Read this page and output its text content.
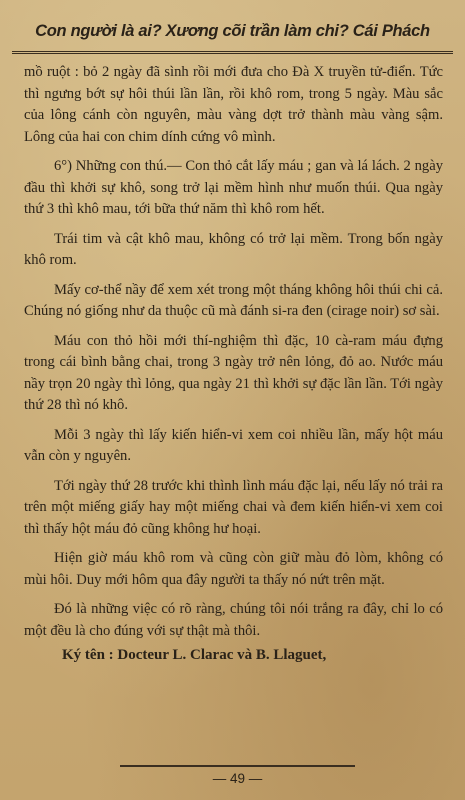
Con người là ai? Xương cõi trần làm chi? Cái Phách

mồ ruột : bỏ 2 ngày đã sình rồi mới đưa cho Đà X truyền tử-điển. Tức thì ngưng bớt sự hôi thúi lần lần, rồi khô rom, trong 5 ngày. Màu sắc của lông cánh còn nguyên, màu vàng dợt trở thành màu vàng sậm. Lông của hai con chim dính cứng vô mình.

6°) Những con thú.— Con thỏ cắt lấy máu ; gan và lá lách. 2 ngày đầu thì khởi sự khô, song trở lại mềm hình như muốn thúi. Qua ngày thứ 3 thì khô mau, tới bữa thứ năm thì khô rom hết.

Trái tim và cật khô mau, không có trở lại mềm. Trong bốn ngày khô rom.

Mấy cơ-thể nầy để xem xét trong một tháng không hôi thúi chi cả. Chúng nó giống như da thuộc cũ mà đánh si-ra đen (cirage noir) sơ sài.

Máu con thỏ hồi mới thí-nghiệm thì đặc, 10 cà-ram máu đựng trong cái bình bằng chai, trong 3 ngày trở nên lỏng, đỏ ao. Nước máu nầy trọn 20 ngày thì lỏng, qua ngày 21 thì khởi sự đặc lần lần. Tới ngày thứ 28 thì nó khô.

Mỗi 3 ngày thì lấy kiến hiển-vi xem coi nhiều lần, mấy hột máu vẫn còn y nguyên.

Tới ngày thứ 28 trước khi thình lình máu đặc lại, nếu lấy nó trải ra trên một miếng giấy hay một miếng chai và đem kiến hiển-vi xem coi thì thấy hột máu đỏ cũng không hư hoại.

Hiện giờ máu khô rom và cũng còn giữ màu đỏ lòm, không có mùi hôi. Duy mới hôm qua đây người ta thấy nó nứt trên mặt.

Đó là những việc có rõ ràng, chúng tôi nói trắng ra đây, chỉ lo có một đều là cho đúng với sự thật mà thôi.

Ký tên : Docteur L. Clarac và B. Llaguet,

— 49 —
